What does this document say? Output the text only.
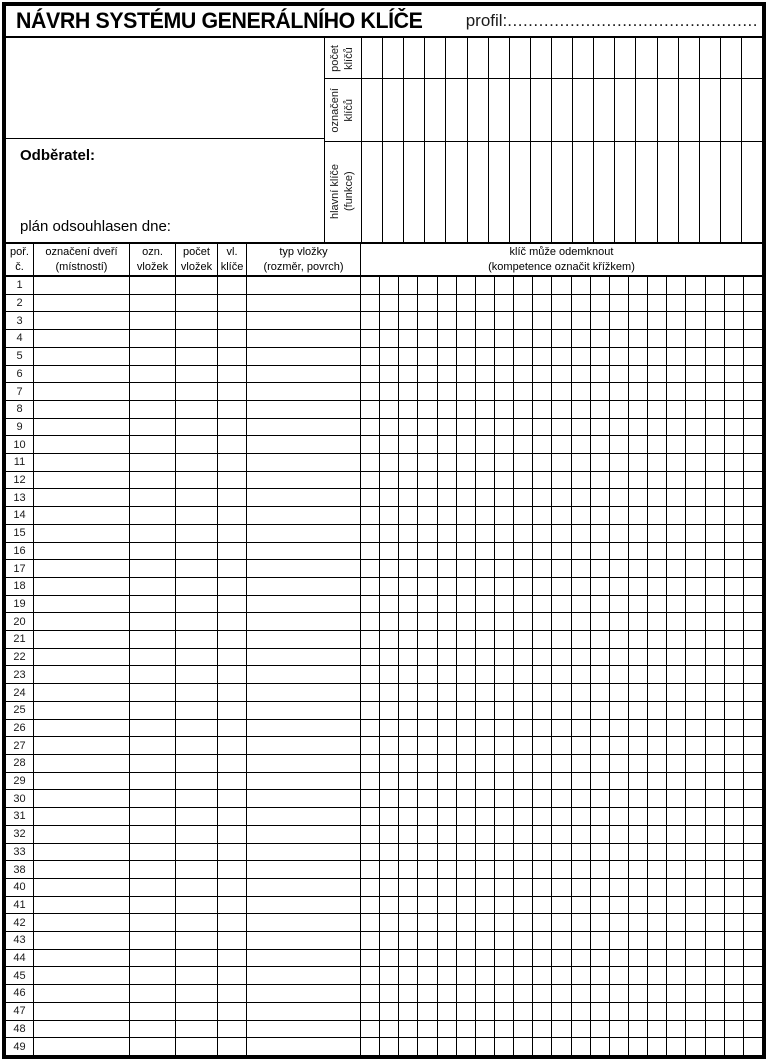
NÁVRH SYSTÉMU GENERÁLNÍHO KLÍČE	profil: ................................................
Odběratel:
plán odsouhlasen dne:
počet klíčů
označení klíčů
hlavní klíče (funkce)
poř.
č.
označení dveří
(místností)
ozn.
vložek
počet
vložek
vl.
klíče
typ vložky
(rozměr, povrch)
klíč může odemknout
(kompetence označit křížkem)
1
2
3
4
5
6
7
8
9
10
11
12
13
14
15
16
17
18
19
20
21
22
23
24
25
26
27
28
29
30
31
32
33
38
40
41
42
43
44
45
46
47
48
49
